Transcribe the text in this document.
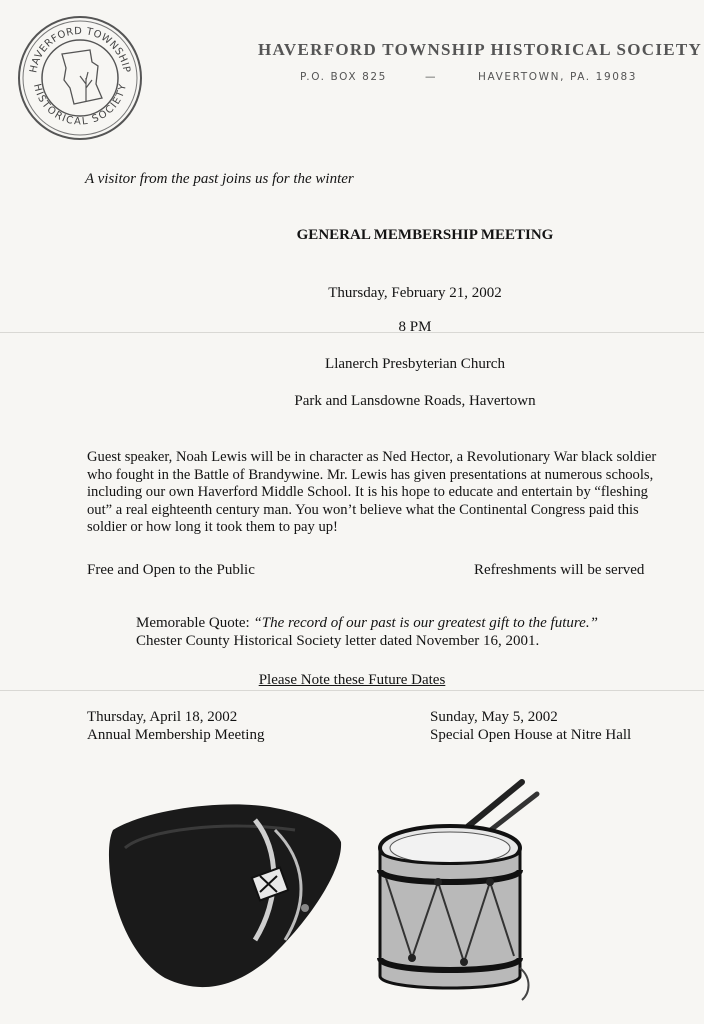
HAVERFORD TOWNSHIP
HISTORICAL SOCIETY
HAVERFORD TOWNSHIP HISTORICAL SOCIETY
P.O. BOX 825	—	HAVERTOWN, PA. 19083
A visitor from the past joins us for the winter
GENERAL MEMBERSHIP MEETING
Thursday, February 21, 2002
8 PM
Llanerch Presbyterian Church
Park and Lansdowne Roads, Havertown

Guest speaker, Noah Lewis will be in character as Ned Hector, a Revolutionary War black soldier who fought in the Battle of Brandywine. Mr. Lewis has given presentations at numerous schools, including our own Haverford Middle School. It is his hope to educate and entertain by “fleshing out” a real eighteenth century man. You won’t believe what the Continental Congress paid this soldier or how long it took them to pay up!

Free and Open to the Public	Refreshments will be served
Memorable Quote: “The record of our past is our greatest gift to the future.”
Chester County Historical Society letter dated November 16, 2001.
Please Note these Future Dates
Thursday, April 18, 2002
Annual Membership Meeting
Sunday, May 5, 2002
Special Open House at Nitre Hall
